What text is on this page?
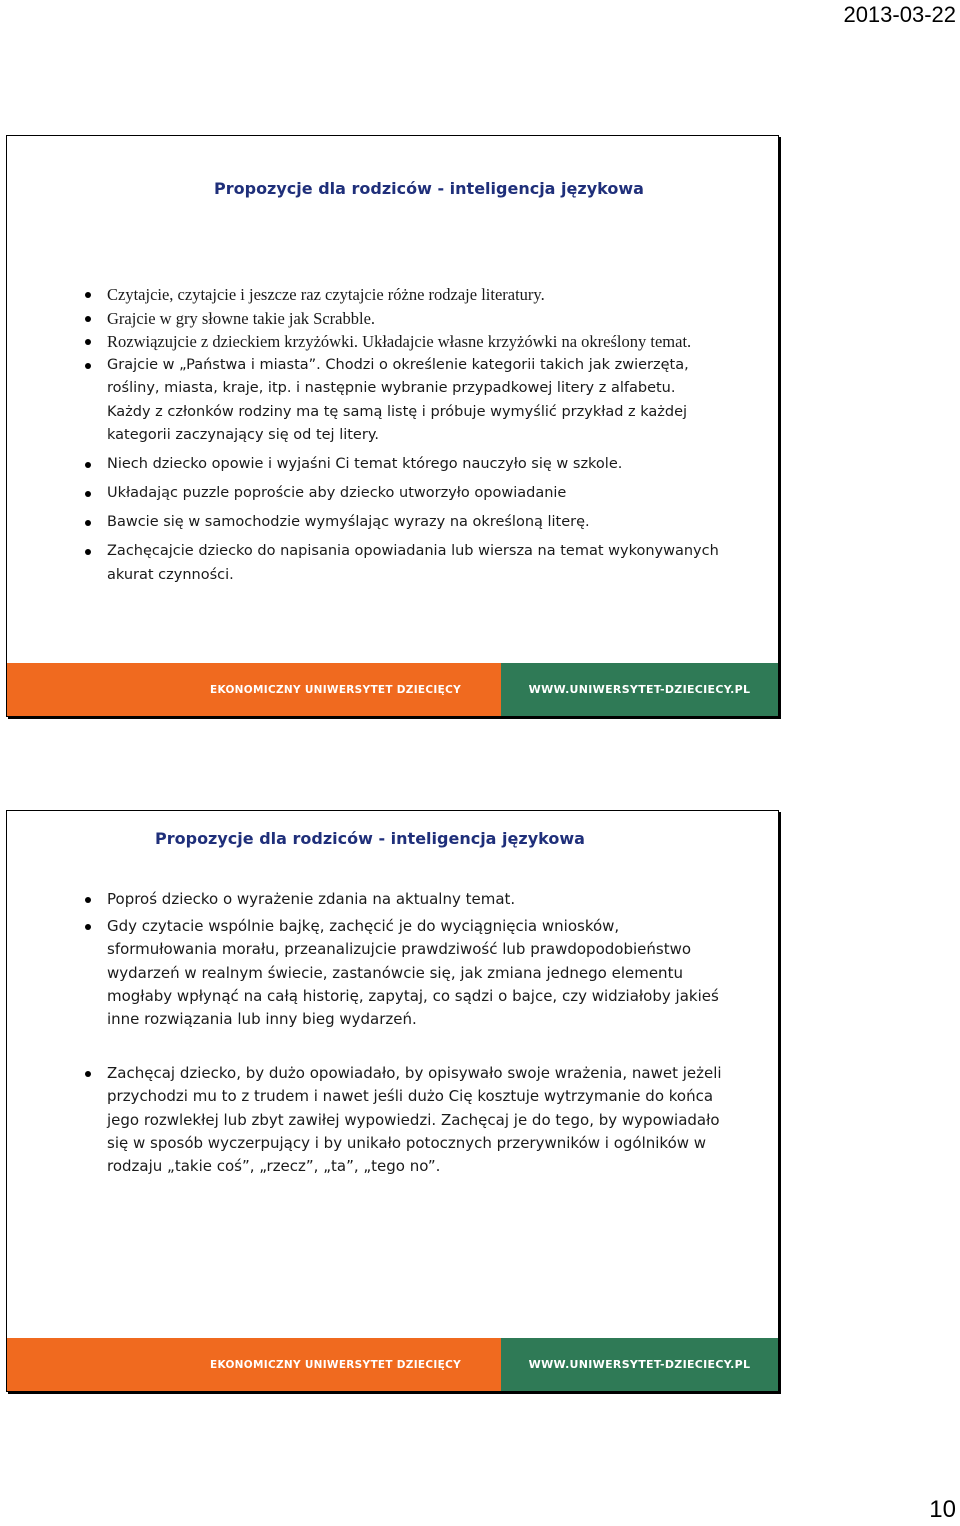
2013-03-22
Propozycje dla rodziców - inteligencja językowa
Czytajcie, czytajcie i jeszcze raz czytajcie różne rodzaje literatury.
Grajcie w gry słowne takie jak Scrabble.
Rozwiązujcie z dzieckiem krzyżówki. Układajcie własne krzyżówki na określony temat.
Grajcie w „Państwa i miasta”. Chodzi o określenie kategorii takich jak zwierzęta, rośliny, miasta, kraje, itp. i następnie wybranie przypadkowej litery z alfabetu. Każdy z członków rodziny ma tę samą listę i próbuje wymyślić przykład z każdej kategorii zaczynający się od tej litery.
Niech dziecko opowie i wyjaśni Ci temat którego nauczyło się w szkole.
Układając puzzle poproście aby dziecko utworzyło opowiadanie
Bawcie się w samochodzie wymyślając wyrazy na określoną literę.
Zachęcajcie dziecko do napisania opowiadania lub wiersza na temat wykonywanych akurat czynności.
EKONOMICZNY UNIWERSYTET DZIECIĘCY	WWW.UNIWERSYTET-DZIECIECY.PL
Propozycje dla rodziców - inteligencja językowa
Poproś dziecko o wyrażenie zdania na aktualny temat.
Gdy czytacie wspólnie bajkę, zachęcić je do wyciągnięcia wniosków, sformułowania morału, przeanalizujcie prawdziwość lub prawdopodobieństwo wydarzeń w realnym świecie, zastanówcie się, jak zmiana jednego elementu mogłaby wpłynąć na całą historię, zapytaj, co sądzi o bajce, czy widziałoby jakieś inne rozwiązania lub inny bieg wydarzeń.
Zachęcaj dziecko, by dużo opowiadało, by opisywało swoje wrażenia, nawet jeżeli przychodzi mu to z trudem i nawet jeśli dużo Cię kosztuje wytrzymanie do końca jego rozwlekłej lub zbyt zawiłej wypowiedzi. Zachęcaj je do tego, by wypowiadało się w sposób wyczerpujący i by unikało potocznych przerywników i ogólników w rodzaju „takie coś”, „rzecz”, „ta”, „tego no”.
EKONOMICZNY UNIWERSYTET DZIECIĘCY	WWW.UNIWERSYTET-DZIECIECY.PL
10
